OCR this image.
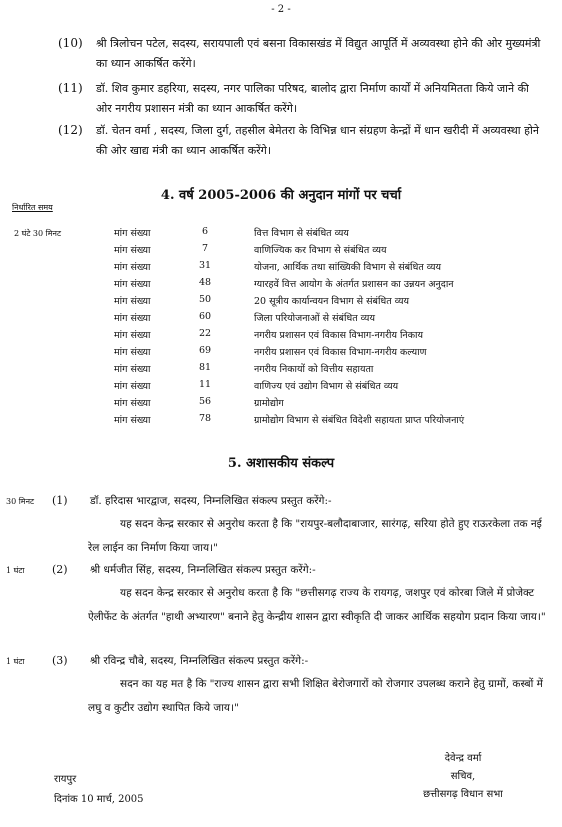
- 2 -
(10) श्री त्रिलोचन पटेल, सदस्य, सरायपाली एवं बसना विकासखंड में विद्युत आपूर्ति में अव्यवस्था होने की ओर मुख्यमंत्री का ध्यान आकर्षित करेंगे।
(11) डॉ. शिव कुमार डहरिया, सदस्य, नगर पालिका परिषद, बालोद द्वारा निर्माण कार्यों में अनियमितता किये जाने की ओर नगरीय प्रशासन मंत्री का ध्यान आकर्षित करेंगे।
(12) डॉ. चेतन वर्मा , सदस्य, जिला दुर्ग, तहसील बेमेतरा के विभिन्न धान संग्रहण केन्द्रों में धान खरीदी में अव्यवस्था होने की ओर खाद्य मंत्री का ध्यान आकर्षित करेंगे।
4. वर्ष 2005-2006 की अनुदान मांगों पर चर्चा
निर्धारित समय
2 घंटे 30 मिनट	मांग संख्या	6	वित्त विभाग से संबंधित व्यय
मांग संख्या	7	वाणिज्यिक कर विभाग से संबंधित व्यय
मांग संख्या	31	योजना, आर्थिक तथा सांख्यिकी विभाग से संबंधित व्यय
मांग संख्या	48	ग्यारहवें वित्त आयोग के अंतर्गत प्रशासन का उन्नयन अनुदान
मांग संख्या	50	20 सूत्रीय कार्यान्वयन विभाग से संबंधित व्यय
मांग संख्या	60	जिला परियोजनाओं से संबंधित व्यय
मांग संख्या	22	नगरीय प्रशासन एवं विकास विभाग-नगरीय निकाय
मांग संख्या	69	नगरीय प्रशासन एवं विकास विभाग-नगरीय कल्याण
मांग संख्या	81	नगरीय निकायों को वित्तीय सहायता
मांग संख्या	11	वाणिज्य एवं उद्योग विभाग से संबंधित व्यय
मांग संख्या	56	ग्रामोद्योग
मांग संख्या	78	ग्रामोद्योग विभाग से संबंधित विदेशी सहायता प्राप्त परियोजनाएं
5. अशासकीय संकल्प
30 मिनट (1) डॉ. हरिदास भारद्वाज, सदस्य, निम्नलिखित संकल्प प्रस्तुत करेंगे:-
यह सदन केन्द्र सरकार से अनुरोध करता है कि "रायपुर-बलौदाबाजार, सारंगढ़, सरिया होते हुए राऊरकेला तक नई रेल लाईन का निर्माण किया जाय।"
1 घंटा	(2) श्री धर्मजीत सिंह, सदस्य, निम्नलिखित संकल्प प्रस्तुत करेंगे:-
यह सदन केन्द्र सरकार से अनुरोध करता है कि "छत्तीसगढ़ राज्य के रायगढ़, जशपुर एवं कोरबा जिले में प्रोजेक्ट ऐलीफेंट के अंतर्गत "हाथी अभ्यारण" बनाने हेतु केन्द्रीय शासन द्वारा स्वीकृति दी जाकर आर्थिक सहयोग प्रदान किया जाय।"
1 घंटा	(3) श्री रविन्द्र चौबे, सदस्य, निम्नलिखित संकल्प प्रस्तुत करेंगे:-
सदन का यह मत है कि "राज्य शासन द्वारा सभी शिक्षित बेरोजगारों को रोजगार उपलब्ध कराने हेतु ग्रामों, कस्बों में लघु व कुटीर उद्योग स्थापित किये जाय।"
रायपुर
दिनांक 10 मार्च, 2005
देवेन्द्र वर्मा
सचिव,
छत्तीसगढ़ विधान सभा
